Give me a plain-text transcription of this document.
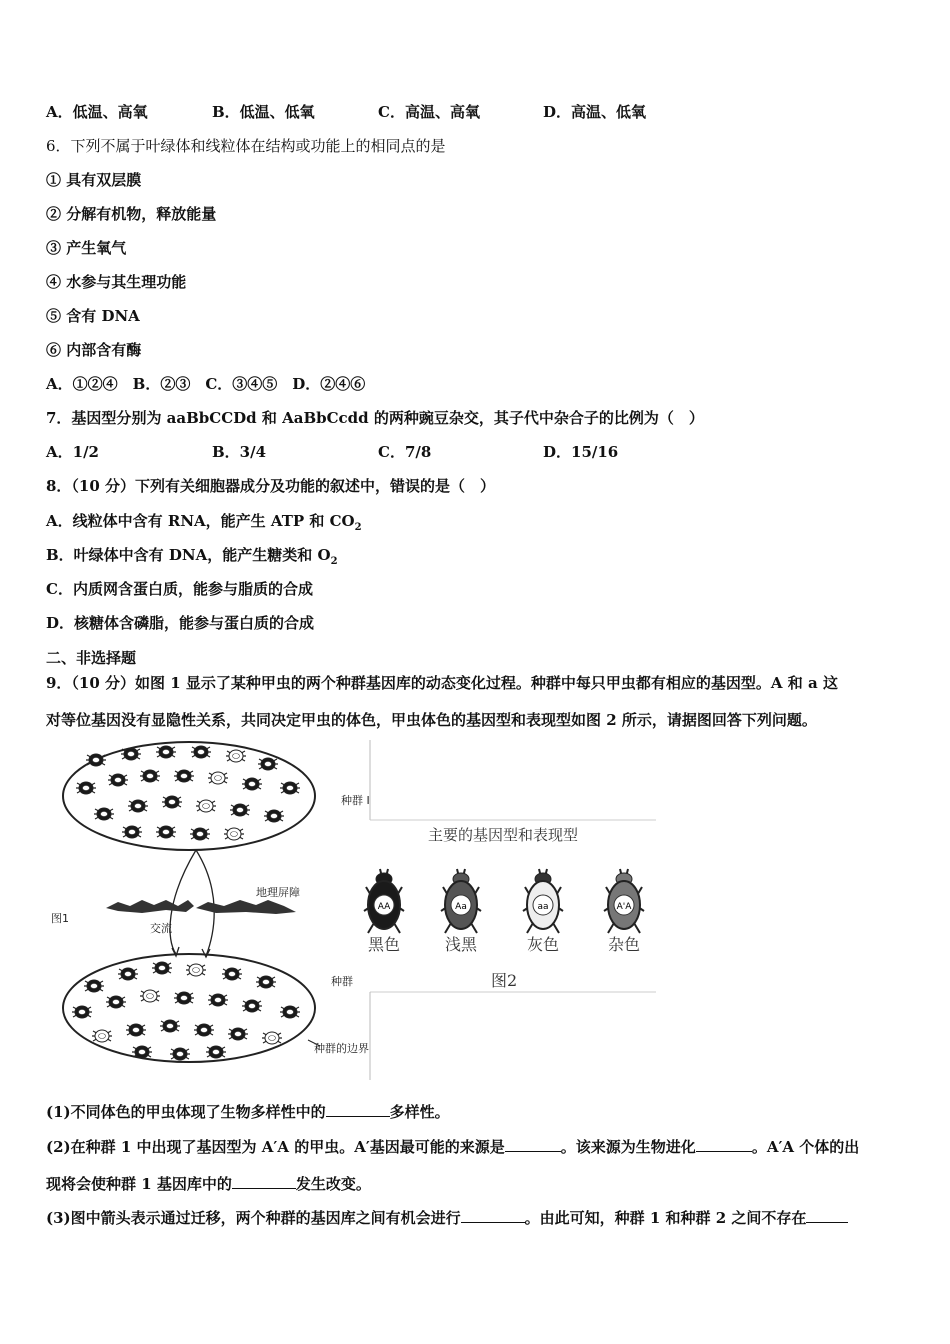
A．低温、高氧	B．低温、低氧	C．高温、高氧	D．高温、低氧
6．下列不属于叶绿体和线粒体在结构或功能上的相同点的是
① 具有双层膜
② 分解有机物，释放能量
③ 产生氧气
④ 水参与其生理功能
⑤ 含有 DNA
⑥ 内部含有酶
A．①②④　B．②③　C．③④⑤　D．②④⑥
7．基因型分别为 aaBbCCDd 和 AaBbCcdd 的两种豌豆杂交，其子代中杂合子的比例为（　）
A．1/2	B．3/4	C．7/8	D．15/16
8．（10 分）下列有关细胞器成分及功能的叙述中，错误的是（　）
A．线粒体中含有 RNA，能产生 ATP 和 $CO_2$
B．叶绿体中含有 DNA，能产生糖类和 $O_2$
C．内质网含蛋白质，能参与脂质的合成
D．核糖体含磷脂，能参与蛋白质的合成
二、非选择题
9．（10 分）如图 1 显示了某种甲虫的两个种群基因库的动态变化过程。种群中每只甲虫都有相应的基因型。A 和 a 这
对等位基因没有显隐性关系，共同决定甲虫的体色，甲虫体色的基因型和表现型如图 2 所示，请据图回答下列问题。
图1
种群 I
地理屏障
交流
种群
种群的边界
主要的基因型和表现型
AA
黑色
Aa
浅黑
aa
灰色
A'A
杂色
图2
(1)不同体色的甲虫体现了生物多样性中的	多样性。
(2)在种群 1 中出现了基因型为 A′A 的甲虫。A′基因最可能的来源是	。该来源为生物进化	。A′A 个体的出
现将会使种群 1 基因库中的	发生改变。
(3)图中箭头表示通过迁移，两个种群的基因库之间有机会进行	。由此可知，种群 1 和种群 2 之间不存在
